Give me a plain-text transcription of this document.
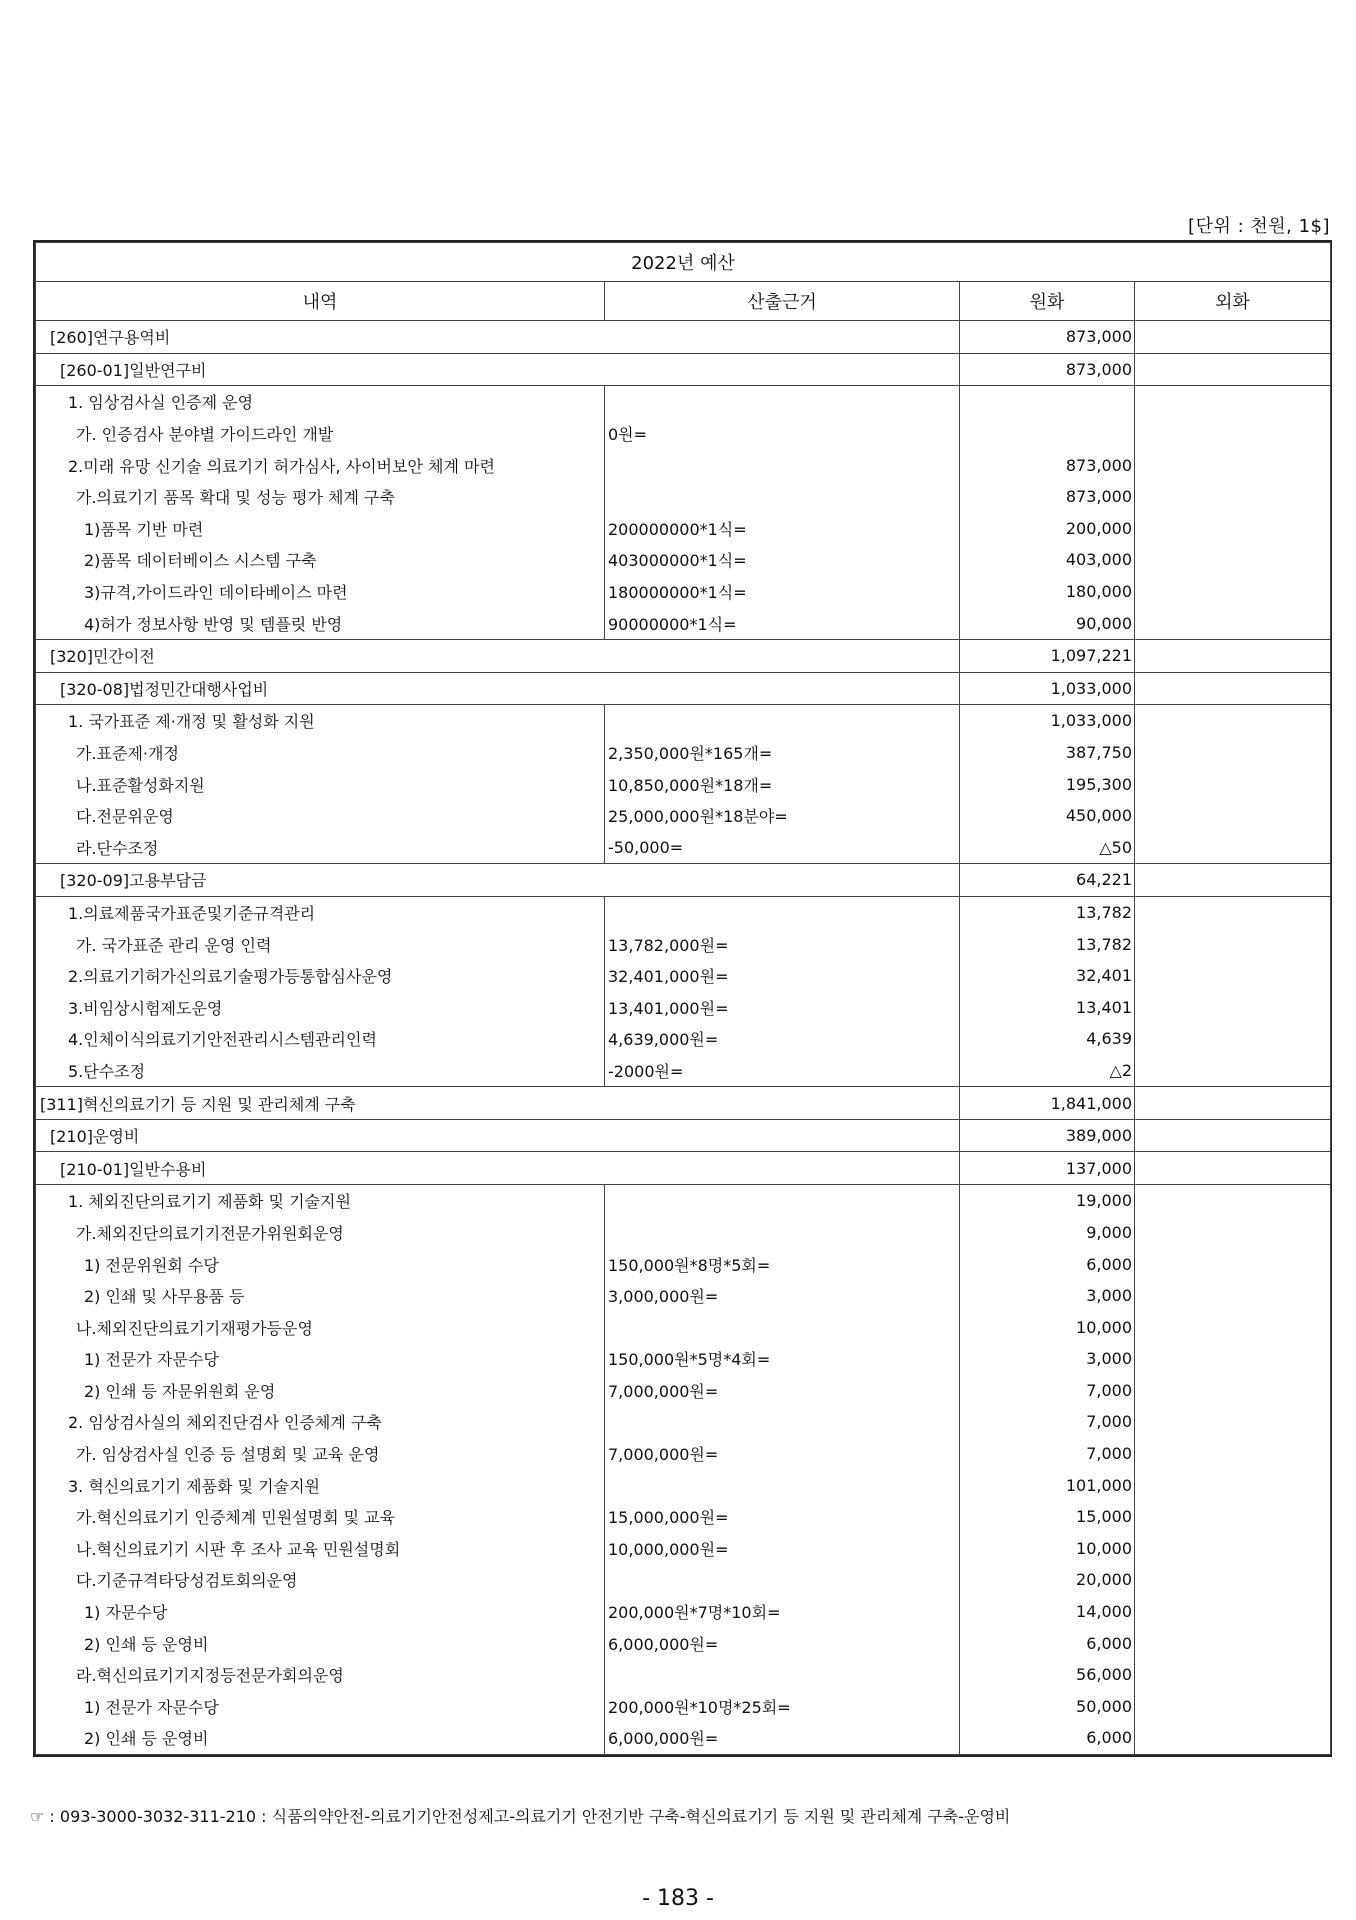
[단위 : 천원, 1$]
2022년 예산			
내역	산출근거	원화	외화
[260]연구용역비		873,000	
[260-01]일반연구비		873,000	
1. 임상검사실 인증제 운영			
가. 인증검사 분야별 가이드라인 개발	0원=		
2.미래 유망 신기술 의료기기 허가심사, 사이버보안 체계 마련		873,000	
가.의료기기 품목 확대 및 성능 평가 체계 구축		873,000	
1)품목 기반 마련	200000000*1식=	200,000	
2)품목 데이터베이스 시스템 구축	403000000*1식=	403,000	
3)규격,가이드라인 데이타베이스 마련	180000000*1식=	180,000	
4)허가 정보사항 반영 및 템플릿 반영	90000000*1식=	90,000	
[320]민간이전		1,097,221	
[320-08]법정민간대행사업비		1,033,000	
1. 국가표준 제·개정 및 활성화 지원		1,033,000	
가.표준제·개정	2,350,000원*165개=	387,750	
나.표준활성화지원	10,850,000원*18개=	195,300	
다.전문위운영	25,000,000원*18분야=	450,000	
라.단수조정	-50,000=	△50	
[320-09]고용부담금		64,221	
1.의료제품국가표준및기준규격관리		13,782	
가. 국가표준 관리 운영 인력	13,782,000원=	13,782	
2.의료기기허가신의료기술평가등통합심사운영	32,401,000원=	32,401	
3.비임상시험제도운영	13,401,000원=	13,401	
4.인체이식의료기기안전관리시스템관리인력	4,639,000원=	4,639	
5.단수조정	-2000원=	△2	
[311]혁신의료기기 등 지원 및 관리체계 구축		1,841,000	
[210]운영비		389,000	
[210-01]일반수용비		137,000	
1. 체외진단의료기기 제품화 및 기술지원		19,000	
가.체외진단의료기기전문가위원회운영		9,000	
1) 전문위원회 수당	150,000원*8명*5회=	6,000	
2) 인쇄 및 사무용품 등	3,000,000원=	3,000	
나.체외진단의료기기재평가등운영		10,000	
1) 전문가 자문수당	150,000원*5명*4회=	3,000	
2) 인쇄 등 자문위원회 운영	7,000,000원=	7,000	
2. 임상검사실의 체외진단검사 인증체계 구축		7,000	
가. 임상검사실 인증 등 설명회 및 교육 운영	7,000,000원=	7,000	
3. 혁신의료기기 제품화 및 기술지원		101,000	
가.혁신의료기기 인증체계 민원설명회 및 교육	15,000,000원=	15,000	
나.혁신의료기기 시판 후 조사 교육 민원설명회	10,000,000원=	10,000	
다.기준규격타당성검토회의운영		20,000	
1) 자문수당	200,000원*7명*10회=	14,000	
2) 인쇄 등 운영비	6,000,000원=	6,000	
라.혁신의료기기지정등전문가회의운영		56,000	
1) 전문가 자문수당	200,000원*10명*25회=	50,000	
2) 인쇄 등 운영비	6,000,000원=	6,000	
☞ : 093-3000-3032-311-210 : 식품의약안전-의료기기안전성제고-의료기기 안전기반 구축-혁신의료기기 등 지원 및 관리체계 구축-운영비
- 183 -
